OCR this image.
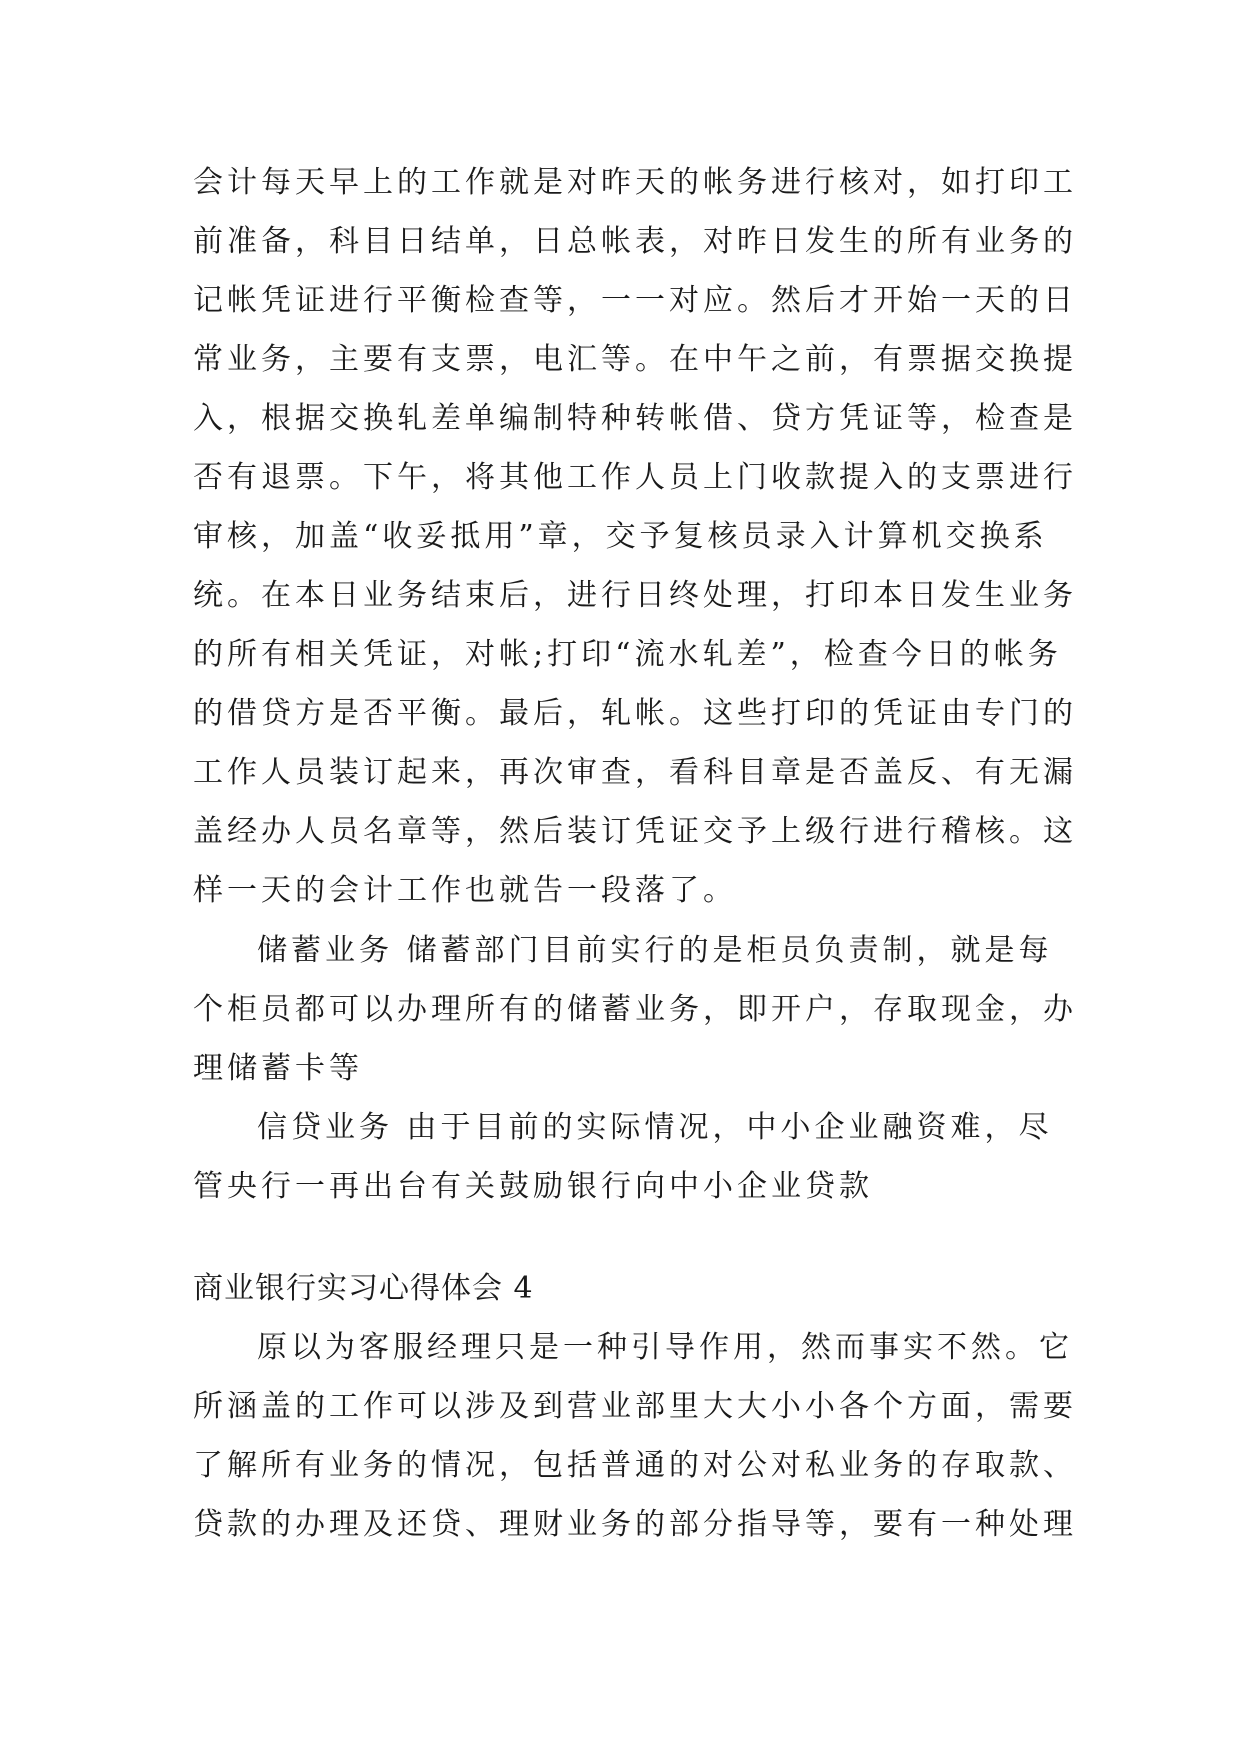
会计每天早上的工作就是对昨天的帐务进行核对，如打印工
前准备，科目日结单，日总帐表，对昨日发生的所有业务的
记帐凭证进行平衡检查等，一一对应。然后才开始一天的日
常业务，主要有支票，电汇等。在中午之前，有票据交换提
入，根据交换轧差单编制特种转帐借、贷方凭证等，检查是
否有退票。下午，将其他工作人员上门收款提入的支票进行
审核，加盖“收妥抵用”章，交予复核员录入计算机交换系
统。在本日业务结束后，进行日终处理，打印本日发生业务
的所有相关凭证，对帐;打印“流水轧差”，检查今日的帐务
的借贷方是否平衡。最后，轧帐。这些打印的凭证由专门的
工作人员装订起来，再次审查，看科目章是否盖反、有无漏
盖经办人员名章等，然后装订凭证交予上级行进行稽核。这
样一天的会计工作也就告一段落了。
储蓄业务 储蓄部门目前实行的是柜员负责制，就是每
个柜员都可以办理所有的储蓄业务，即开户，存取现金，办
理储蓄卡等
信贷业务 由于目前的实际情况，中小企业融资难，尽
管央行一再出台有关鼓励银行向中小企业贷款
商业银行实习心得体会 4
原以为客服经理只是一种引导作用，然而事实不然。它
所涵盖的工作可以涉及到营业部里大大小小各个方面，需要
了解所有业务的情况，包括普通的对公对私业务的存取款、
贷款的办理及还贷、理财业务的部分指导等，要有一种处理
